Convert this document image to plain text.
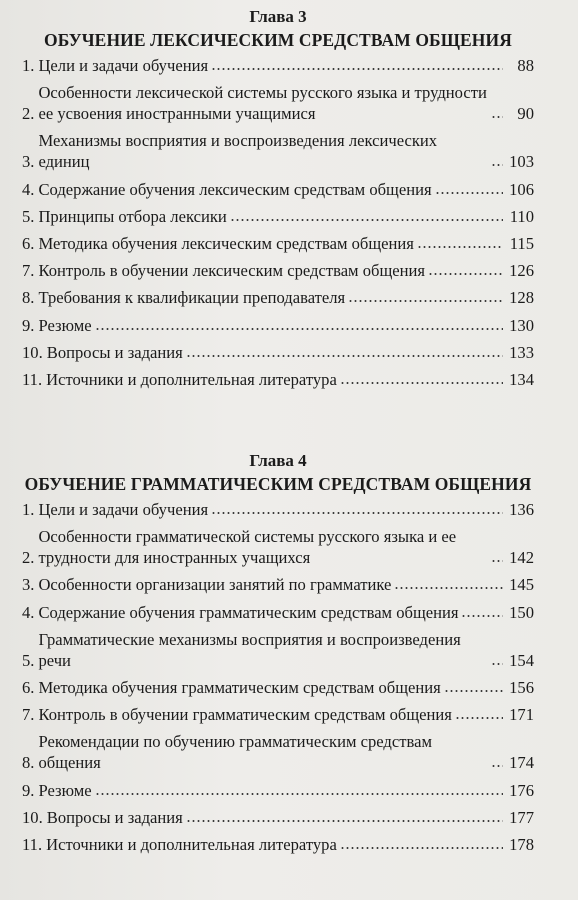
Глава 3
ОБУЧЕНИЕ ЛЕКСИЧЕСКИМ СРЕДСТВАМ ОБЩЕНИЯ
1. Цели и задачи обучения	88
2.
Особенности лексической системы русского языка и трудности ее усвоения иностранными учащимися	90
3.
Механизмы восприятия и воспроизведения лексических единиц	103
4. Содержание обучения лексическим средствам общения	106
5. Принципы отбора лексики	110
6. Методика обучения лексическим средствам общения	115
7. Контроль в обучении лексическим средствам общения	126
8. Требования к квалификации преподавателя	128
9. Резюме	130
10. Вопросы и задания	133
11. Источники и дополнительная литература	134
Глава 4
ОБУЧЕНИЕ ГРАММАТИЧЕСКИМ СРЕДСТВАМ ОБЩЕНИЯ
1. Цели и задачи обучения	136
2.
Особенности грамматической системы русского языка и ее трудности для иностранных учащихся	142
3. Особенности организации занятий по грамматике	145
4. Содержание обучения грамматическим средствам общения	150
5.
Грамматические механизмы восприятия и воспроизведения речи	154
6. Методика обучения грамматическим средствам общения	156
7. Контроль в обучении грамматическим средствам общения	171
8.
Рекомендации по обучению грамматическим средствам общения	174
9. Резюме	176
10. Вопросы и задания	177
11. Источники и дополнительная литература	178
